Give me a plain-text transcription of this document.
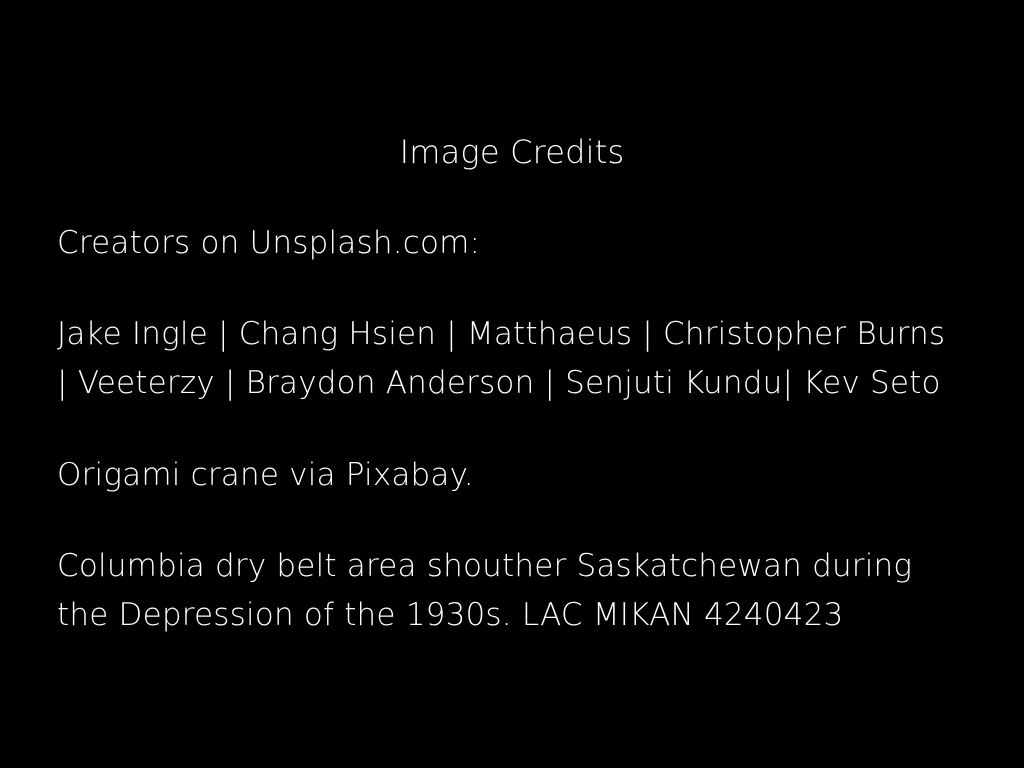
Image Credits
Creators on Unsplash.com:
Jake Ingle | Chang Hsien | Matthaeus | Christopher Burns
| Veeterzy | Braydon Anderson | Senjuti Kundu| Kev Seto
Origami crane via Pixabay.
Columbia dry belt area shouther Saskatchewan during
the Depression of the 1930s. LAC MIKAN 4240423
